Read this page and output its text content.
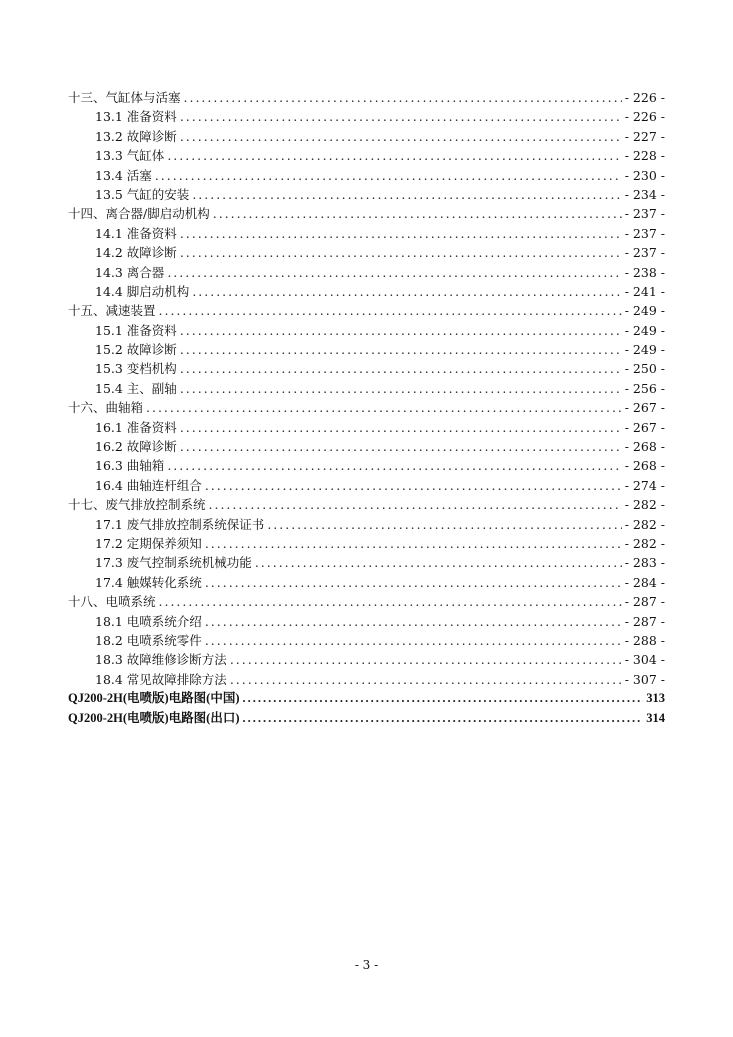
十三、气缸体与活塞 .....	- 226 -
13.1 准备资料 .....	- 226 -
13.2 故障诊断 .....	- 227 -
13.3 气缸体 .....	- 228 -
13.4 活塞 .....	- 230 -
13.5 气缸的安装 .....	- 234 -
十四、离合器/脚启动机构 .....	- 237 -
14.1 准备资料 .....	- 237 -
14.2 故障诊断 .....	- 237 -
14.3 离合器 .....	- 238 -
14.4 脚启动机构 .....	- 241 -
十五、减速装置 .....	- 249 -
15.1 准备资料 .....	- 249 -
15.2 故障诊断 .....	- 249 -
15.3 变档机构 .....	- 250 -
15.4 主、副轴 .....	- 256 -
十六、曲轴箱 .....	- 267 -
16.1 准备资料 .....	- 267 -
16.2 故障诊断 .....	- 268 -
16.3 曲轴箱 .....	- 268 -
16.4 曲轴连杆组合 .....	- 274 -
十七、废气排放控制系统 .....	- 282 -
17.1 废气排放控制系统保证书 .....	- 282 -
17.2 定期保养须知 .....	- 282 -
17.3 废气控制系统机械功能 .....	- 283 -
17.4 触媒转化系统 .....	- 284 -
十八、电喷系统 .....	- 287 -
18.1 电喷系统介绍 .....	- 287 -
18.2 电喷系统零件 .....	- 288 -
18.3 故障维修诊断方法 .....	- 304 -
18.4 常见故障排除方法 .....	- 307 -
QJ200-2H(电喷版)电路图(中国) .....	313
QJ200-2H(电喷版)电路图(出口) .....	314
- 3 -
